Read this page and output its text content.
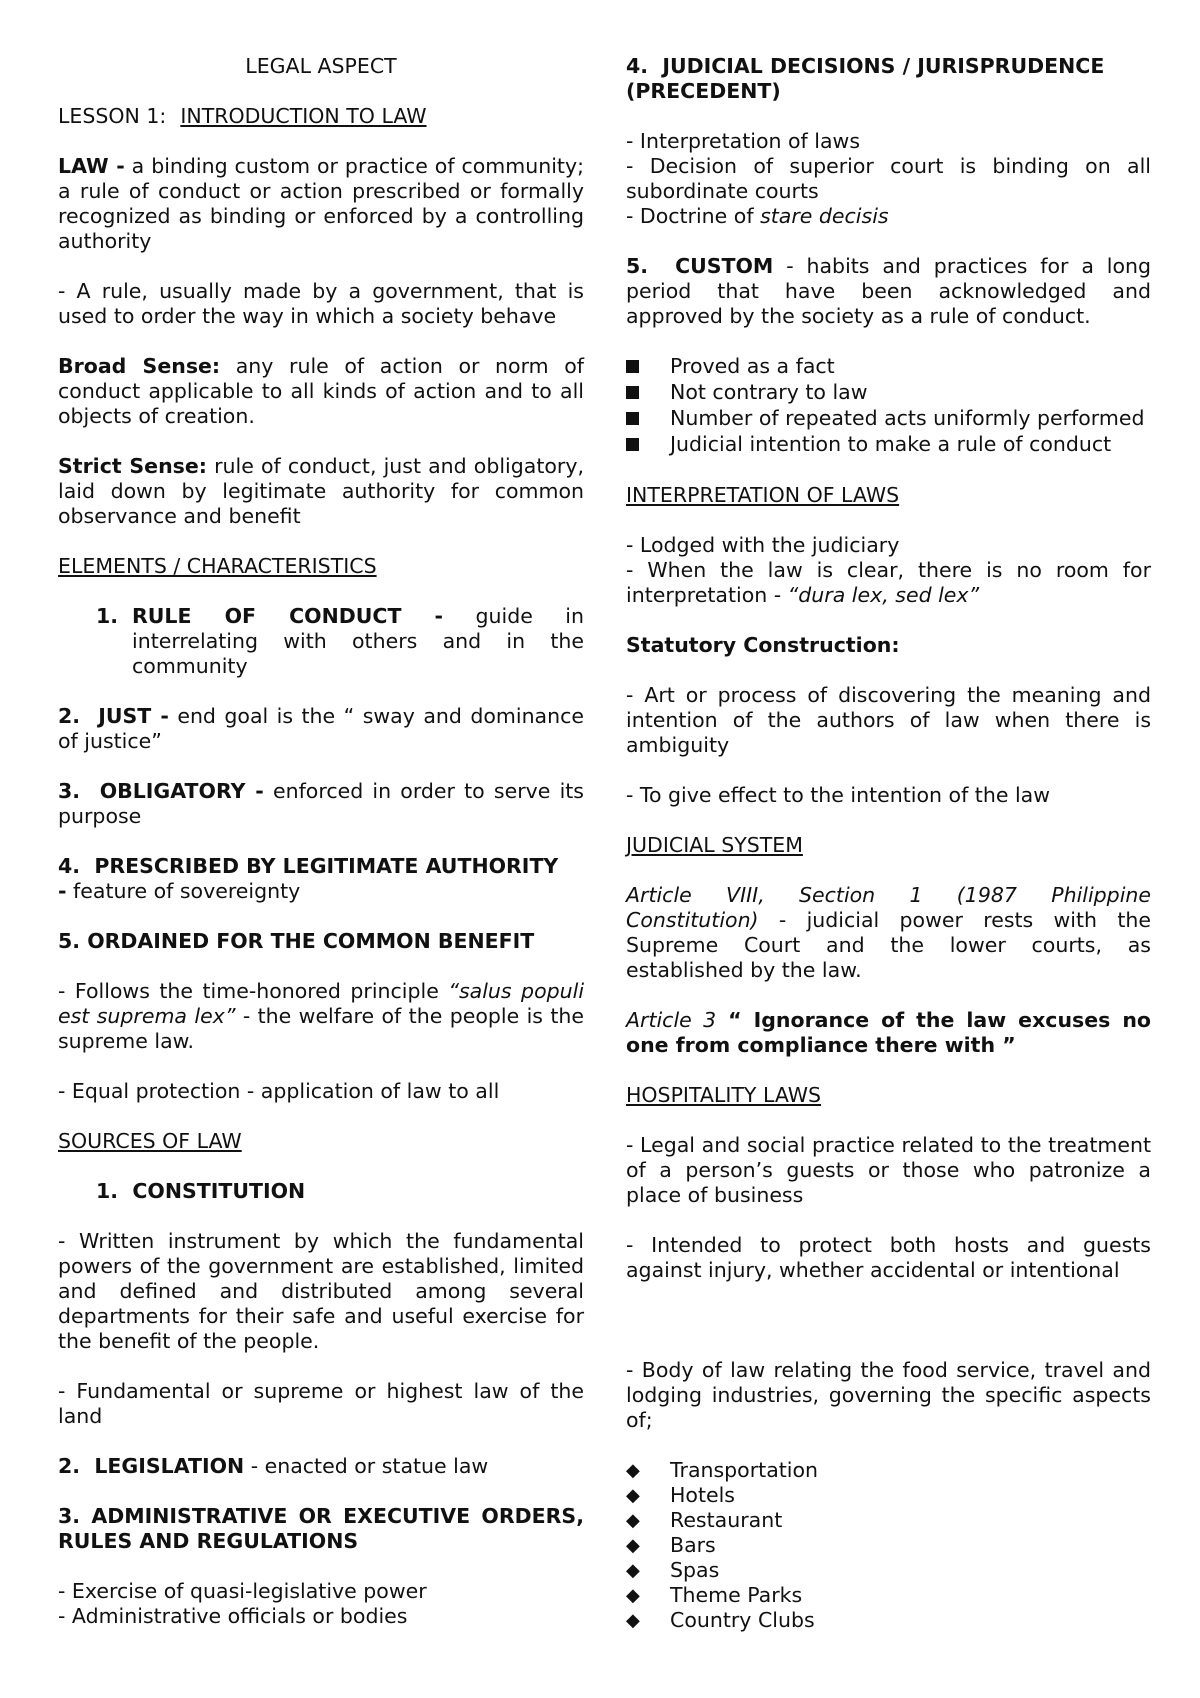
LEGAL ASPECT

LESSON 1: INTRODUCTION TO LAW

LAW - a binding custom or practice of community; a rule of conduct or action prescribed or formally recognized as binding or enforced by a controlling authority

- A rule, usually made by a government, that is used to order the way in which a society behave

Broad Sense: any rule of action or norm of conduct applicable to all kinds of action and to all objects of creation.

Strict Sense: rule of conduct, just and obligatory, laid down by legitimate authority for common observance and benefit

ELEMENTS / CHARACTERISTICS

1. RULE OF CONDUCT - guide in interrelating with others and in the community

2. JUST - end goal is the “ sway and dominance of justice”

3. OBLIGATORY - enforced in order to serve its purpose

4. PRESCRIBED BY LEGITIMATE AUTHORITY
- feature of sovereignty

5. ORDAINED FOR THE COMMON BENEFIT

- Follows the time-honored principle “salus populi est suprema lex” - the welfare of the people is the supreme law.

- Equal protection - application of law to all

SOURCES OF LAW

1. CONSTITUTION

- Written instrument by which the fundamental powers of the government are established, limited and defined and distributed among several departments for their safe and useful exercise for the benefit of the people.

- Fundamental or supreme or highest law of the land

2. LEGISLATION - enacted or statue law

3. ADMINISTRATIVE OR EXECUTIVE ORDERS, RULES AND REGULATIONS

- Exercise of quasi-legislative power

- Administrative officials or bodies

4. JUDICIAL DECISIONS / JURISPRUDENCE (PRECEDENT)

- Interpretation of laws

- Decision of superior court is binding on all subordinate courts
- Doctrine of stare decisis

5. CUSTOM - habits and practices for a long period that have been acknowledged and approved by the society as a rule of conduct.

Proved as a fact
Not contrary to law
Number of repeated acts uniformly performed
Judicial intention to make a rule of conduct

INTERPRETATION OF LAWS

- Lodged with the judiciary

- When the law is clear, there is no room for interpretation - “dura lex, sed lex”

Statutory Construction:

- Art or process of discovering the meaning and intention of the authors of law when there is ambiguity

- To give effect to the intention of the law

JUDICIAL SYSTEM

Article VIII, Section 1 (1987 Philippine Constitution) - judicial power rests with the Supreme Court and the lower courts, as established by the law.

Article 3 “ Ignorance of the law excuses no one from compliance there with ”

HOSPITALITY LAWS

- Legal and social practice related to the treatment of a person’s guests or those who patronize a place of business

- Intended to protect both hosts and guests against injury, whether accidental or intentional

- Body of law relating the food service, travel and lodging industries, governing the specific aspects of;

◆	Transportation
◆	Hotels
◆	Restaurant
◆	Bars
◆	Spas
◆	Theme Parks
◆	Country Clubs
